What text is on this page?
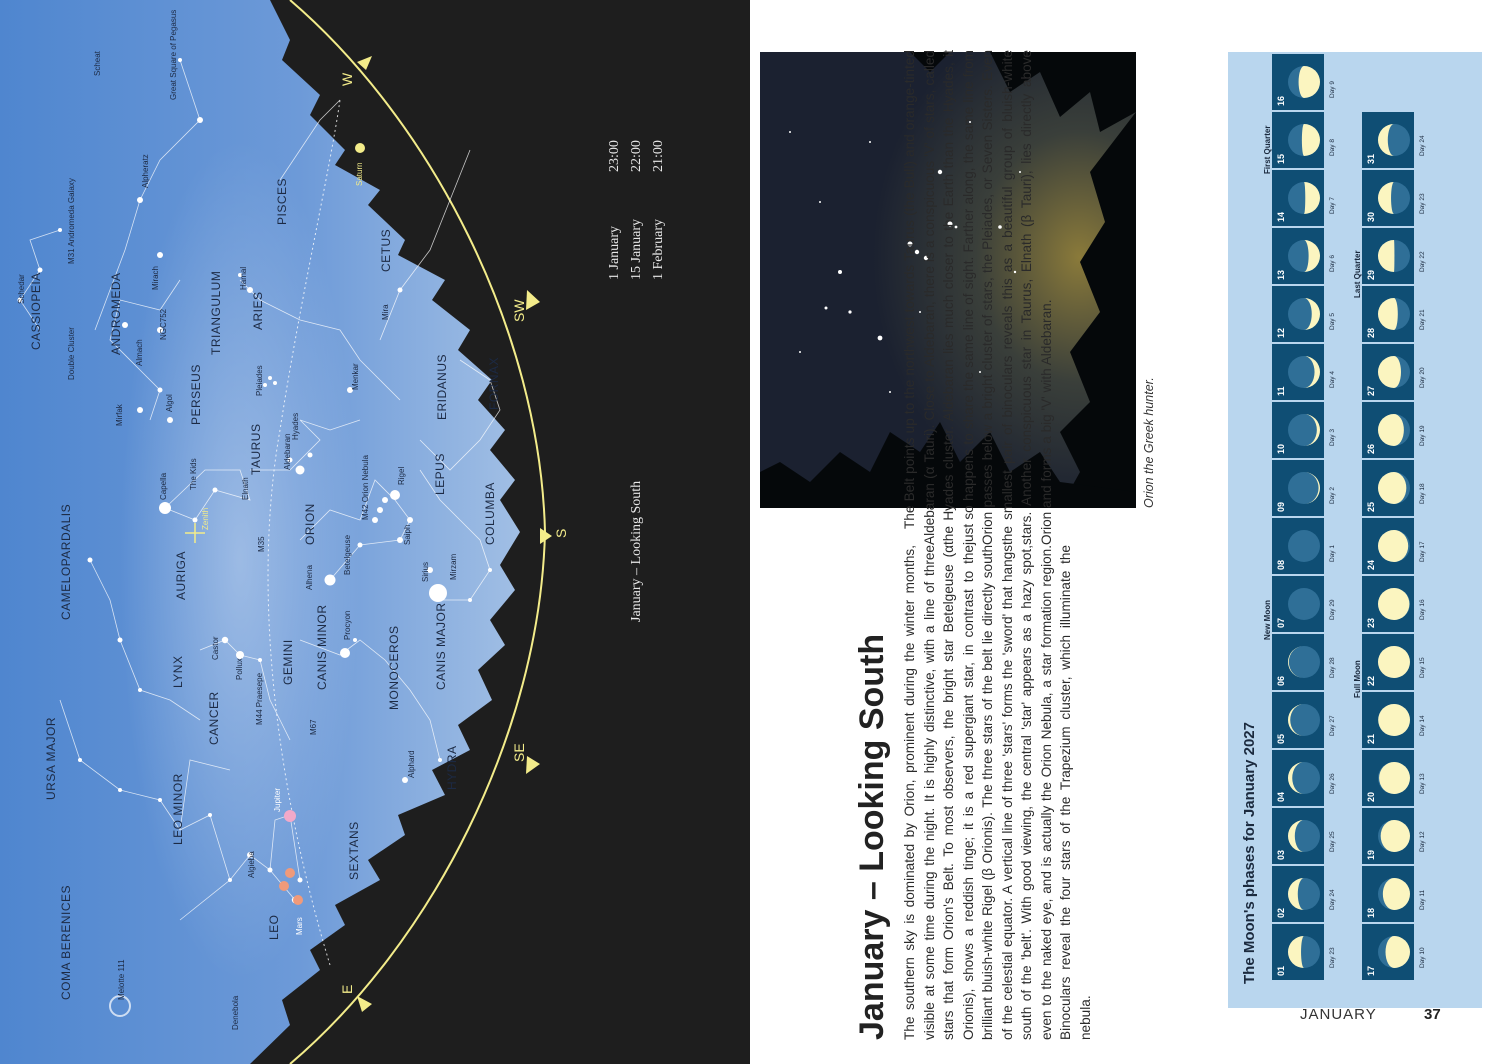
W
SW
S
SE
E
COMA BERENICES
URSA MAJOR
CAMELOPARDALIS
CASSIOPEIA
LEO MINOR
LYNX
AURIGA
PERSEUS
ANDROMEDA	TRIANGULUM
PISCES
CANCER
GEMINI
TAURUS
ARIES
LEO
SEXTANS
CANIS MINOR
ORION
CETUS
ERIDANUS
MONOCEROS	CANIS MAJOR
LEPUS
FORNAX
HYDRA
COLUMBA
Melotte 111
Denebola
Algieba
Mars
Jupiter
M44 Praesepe
Castor
Pollux
M67
Alhena
Procyon
Alphard
Capella
Zenith
M35	Betelgeuse	Sirius Mirzam
Saiph
Elnath
Aldebaran
Hyades
M42 Orion Nebula	Rigel
Pleiades
Algol
The Kids
Mirfak
Almach
NGC752
Double Cluster
Schedar	Hamal
Mirach
M31 Andromeda Galaxy
Alpheratz
Great Square of Pegasus
Scheat
Menkar
Mira
Saturn
January – Looking South
1 January 15 January 1 February
23:00 22:00 21:00
Orion the Greek hunter.
January – Looking South The southern sky is dominated by Orion, prominent during the winter months, visible at some time during the night. It is highly distinctive, with a line of three stars that form Orion's Belt. To most observers, the bright star Betelgeuse (α Orionis), shows a reddish tinge; it is a red supergiant star, in contrast to the brilliant bluish-white Rigel (β Orionis). The three stars of the belt lie directly south of the celestial equator. A vertical line of three 'stars' forms the 'sword' that hangs south of the 'belt'. With good viewing, the central 'star' appears as a hazy spot, even to the naked eye, and is actually the Orion Nebula, a star formation region. Binoculars reveal the four stars of the Trapezium cluster, which illuminate the nebula.

The Belt points up to the northwest towards Taurus (the Bull) and orange-tinted Aldebaran (α Tauri). Close to Aldebaran, there is a conspicuous 'V' of stars, called the Hyades cluster. Aldebaran lies much closer to the Earth than the Hyades, it just so happens to share the same line of sight. Farther along, the same line from Orion passes below a bright cluster of stars, the Pleiades, or Seven Sisters. Even the smallest pair of binoculars reveals this as a beautiful group of bluish-white stars. Another conspicuous star in Taurus, Elnath (β Tauri), lies directly above Orion and forms a big 'V' with Aldebaran.

The Moon's phases for January 2027 01
Day 23
02
Day 24
03
Day 25
04
Day 26
05
Day 27
06
Day 28
07
Day 29
08
Day 1
09
Day 2
10
Day 3
11
Day 4
12
Day 5
13
Day 6
14
Day 7
15
Day 8
16
Day 9
17
Day 10
18
Day 11
19
Day 12
20
Day 13
21
Day 14
22
Day 15
23
Day 16
24
Day 17
25
Day 18
26
Day 19
27
Day 20
28
Day 21
29
Day 22
30
Day 23
31
Day 24
New Moon
First Quarter
Full Moon
Last Quarter
JANUARY	37
